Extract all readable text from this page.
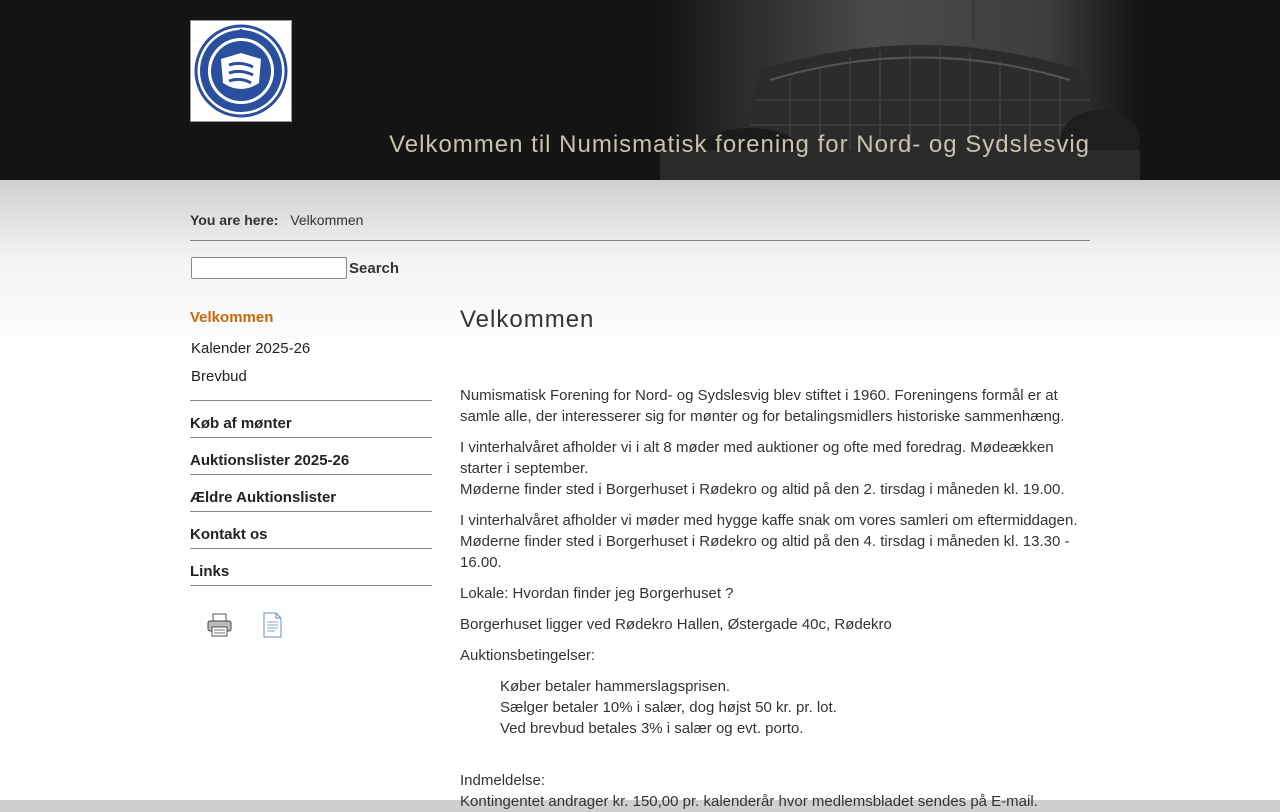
Velkommen til Numismatisk forening for Nord- og Sydslesvig
You are here: Velkommen
Search
Velkommen
Kalender 2025-26
Brevbud
Køb af mønter
Auktionslister 2025-26
Ældre Auktionslister
Kontakt os
Links
Velkommen

Numismatisk Forening for Nord- og Sydslesvig blev stiftet i 1960. Foreningens formål er at samle alle, der interesserer sig for mønter og for betalingsmidlers historiske sammenhæng.

I vinterhalvåret afholder vi i alt 8 møder med auktioner og ofte med foredrag. Mødeækken starter i september.
Møderne finder sted i Borgerhuset i Rødekro og altid på den 2. tirsdag i måneden kl. 19.00.

I vinterhalvåret afholder vi møder med hygge kaffe snak om vores samleri om eftermiddagen.
Møderne finder sted i Borgerhuset i Rødekro og altid på den 4. tirsdag i måneden kl. 13.30 - 16.00.

Lokale: Hvordan finder jeg Borgerhuset ?

Borgerhuset ligger ved Rødekro Hallen, Østergade 40c, Rødekro

Auktionsbetingelser:

Køber betaler hammerslagsprisen.
Sælger betaler 10% i salær, dog højst 50 kr. pr. lot.
Ved brevbud betales 3% i salær og evt. porto.
Indmeldelse:
Kontingentet andrager kr. 150,00 pr. kalenderår hvor medlemsbladet sendes på E-mail.
